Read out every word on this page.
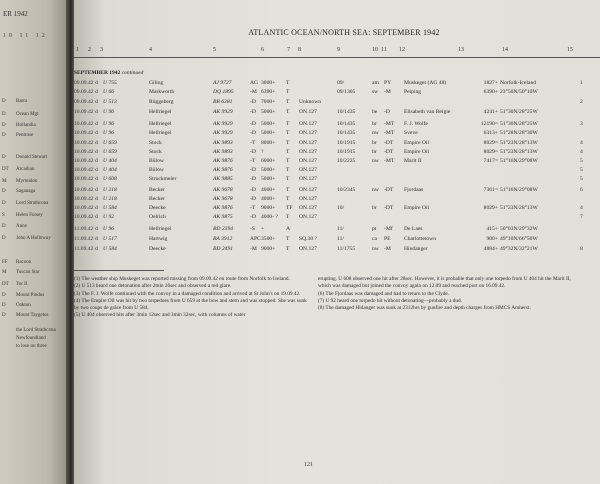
ER 1942
10 11 12
D Barra
D Ocean Mgt
D Hollandia
D Pentrose
D Donald Stewart
DT Arcadian
M Myrmidon
D Saganaga
D Lord Strathcona
S Helen Forsey
D Anne
D John A Holloway
FF Racoon
M Tuscan Star
DT Tor II
D Mount Pindus
D Oakton
D Mount Taygetus
the Lord Strathcona
Newfoundland
to lose on three
ATLANTIC OCEAN/NORTH SEA: SEPTEMBER 1942
1 2 3	4	5	6	7 8	9	10 11 12	13	14	15
SEPTEMBER 1942 continued
09.09.42 d U 755	Giling	AJ 9727	AG 3000+	T	09/	am PY	Muskeget (AG 48)	1827+ Norfolk-Iceland	1
09.09.42 d U 66	Markworth	DQ 1895	-M 6390+	T	09/1305	sw	-M	Peiping	6390+ 23°50N/50°10W
09.09.42 d U 513	Rüggeberg	BB 6381	-D 7000+	T	Unknown	2
10.09.42 d U 96	Hellriegel	AK 9929	-D 5000+	T	ON.127	10/1435	be	-D	Elisabeth van Belgie	4241+ 51°30N/28°25W
10.09.42 d U 96	Hellriegel	AK 9929	-D 5000+	T	ON.127	10/1435	br	-MT	F. J. Wolfe	12190= 51°30N/28°25W	3
10.09.42 d U 96	Hellriegel	AK 9929	-D 5000+	T	ON.127	10/1435	nw -MT	Sveve	6313+ 51°28N/28°30W
10.09.42 d U 659	Stock	AK 9893	-T	8000+	T	ON.127	10/1915	br	-DT	Empire Oil	8029= 51°23N/28°13W	4
10.09.42 d U 659	Stock	AK 9893	-D ?	T	ON.127	10/1915	br	-DT	Empire Oil	8029= 51°23N/28°13W	4
10.09.42 d U 404	Bülow	AK 9876	-T	6000+	T	ON.127	10/2225	nw -MT	Marit II	7417= 51°16N/29°08W	5
10.09.42 d U 404	Bülow	AK 9876	-D 5000+	T	ON.127	5
10.09.42 d U 608	Struckmeier	AK 9885	-D 5000+	T	ON.127	5
10.09.42 d U 218	Becker	AK 9678	-D 4000+	T	ON.127	10/2345	nw -DT	Fjordaas	7361= 51°16N/29°08W	6
10.09.42 d U 218	Becker	AK 9678	-D 4000+	T	ON.127
10.09.42 d U 584	Deecke	AK 9876	-T	9000+	TF ON.127	10/	br	-DT	Empire Oil	8029+ 51°23N/28°13W	4
10.09.42 d U 92	Oelrich	AK 9875	-D 4000- ?	T	ON.127	7
11.09.42 d U 96	Hellriegel	BD 2394	-S	+	A	11/	pt	-Mf	De Laes	415+ 50°03N/29°32W
11.09.42 d U 517	Hartwig	BA 3912	APC 3500+	T	SQ.30 ?	11/	ca	PE	Charlottetown	900+ 49°10N/66°50W
11.09.42 d U 584	Deecke	BD 2491	-M 9000+	T	ON.127	11/1755	nw -M	Hindanger	4884+ 49°32N/32°21W	8

(1) The weather ship Muskeget was reported missing from 09.09.42 en route from Norfolk to Iceland.

(2) U 513 heard one detonation after 2min 26sec and observed a red glare.

(3) The F. J. Wolfe continued with the convoy in a damaged condition and arrived at St John's on 19.09.42.

(4) The Empire Oil was hit by two torpedoes from U 659 at the bow and stern and was stopped. She was sunk by two coups de grâce from U 584.

(5) U 404 observed hits after 3min 12sec and 3min 32sec, with columns of water

erupting. U 608 observed one hit after 28sec. However, it is probable that only one torpedo from U 404 hit the Marit II, which was damaged but joined the convoy again on 12.09 and reached port on 16.09.42.

(6) The Fjordaas was damaged and had to return to the Clyde.

(7) U 92 heard one torpedo hit without detonating—probably a dud.

(8) The damaged Hidanger was sunk at 2312hrs by gunfire and depth charges from HMCS Amherst.

121
